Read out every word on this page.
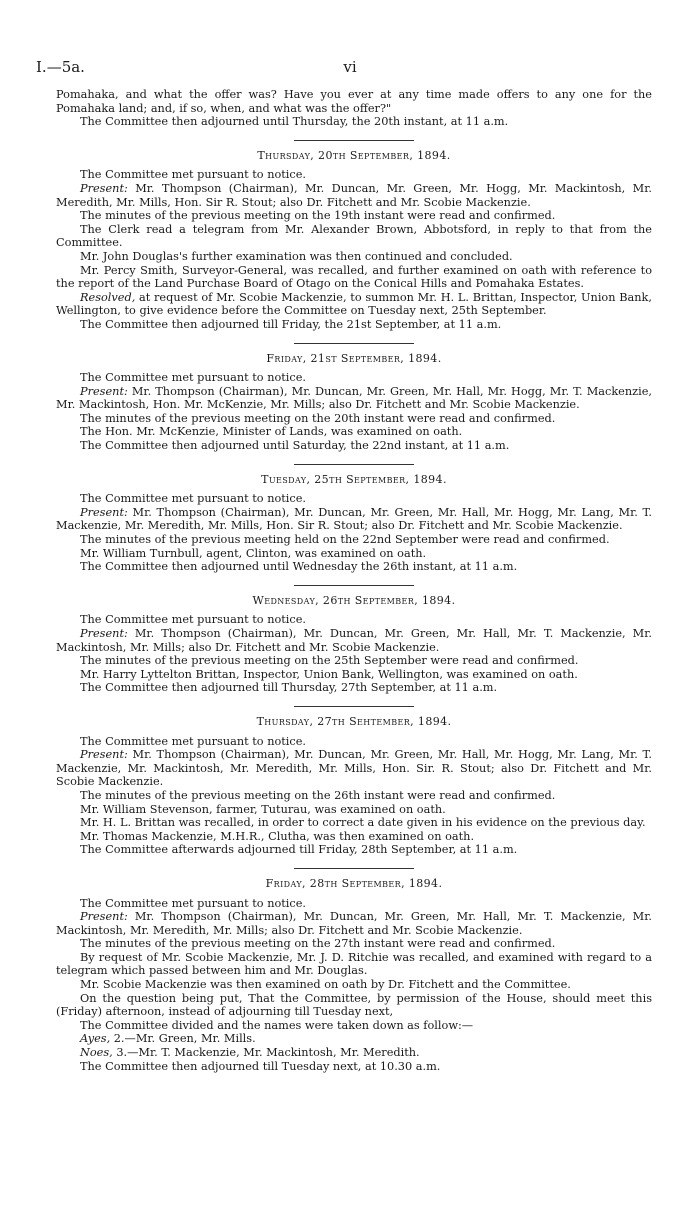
I.—5a.	vi

Pomahaka, and what the offer was? Have you ever at any time made offers to any one for the Pomahaka land; and, if so, when, and what was the offer?"

The Committee then adjourned until Thursday, the 20th instant, at 11 a.m.

Thursday, 20th September, 1894.

The Committee met pursuant to notice.

Present: Mr. Thompson (Chairman), Mr. Duncan, Mr. Green, Mr. Hogg, Mr. Mackintosh, Mr. Meredith, Mr. Mills, Hon. Sir R. Stout; also Dr. Fitchett and Mr. Scobie Mackenzie.

The minutes of the previous meeting on the 19th instant were read and confirmed.

The Clerk read a telegram from Mr. Alexander Brown, Abbotsford, in reply to that from the Committee.

Mr. John Douglas's further examination was then continued and concluded.

Mr. Percy Smith, Surveyor-General, was recalled, and further examined on oath with reference to the report of the Land Purchase Board of Otago on the Conical Hills and Pomahaka Estates.

Resolved, at request of Mr. Scobie Mackenzie, to summon Mr. H. L. Brittan, Inspector, Union Bank, Wellington, to give evidence before the Committee on Tuesday next, 25th September.

The Committee then adjourned till Friday, the 21st September, at 11 a.m.

Friday, 21st September, 1894.

The Committee met pursuant to notice.

Present: Mr. Thompson (Chairman), Mr. Duncan, Mr. Green, Mr. Hall, Mr. Hogg, Mr. T. Mackenzie, Mr. Mackintosh, Hon. Mr. McKenzie, Mr. Mills; also Dr. Fitchett and Mr. Scobie Mackenzie.

The minutes of the previous meeting on the 20th instant were read and confirmed.

The Hon. Mr. McKenzie, Minister of Lands, was examined on oath.

The Committee then adjourned until Saturday, the 22nd instant, at 11 a.m.

Tuesday, 25th September, 1894.

The Committee met pursuant to notice.

Present: Mr. Thompson (Chairman), Mr. Duncan, Mr. Green, Mr. Hall, Mr. Hogg, Mr. Lang, Mr. T. Mackenzie, Mr. Meredith, Mr. Mills, Hon. Sir R. Stout; also Dr. Fitchett and Mr. Scobie Mackenzie.

The minutes of the previous meeting held on the 22nd September were read and confirmed.

Mr. William Turnbull, agent, Clinton, was examined on oath.

The Committee then adjourned until Wednesday the 26th instant, at 11 a.m.

Wednesday, 26th September, 1894.

The Committee met pursuant to notice.

Present: Mr. Thompson (Chairman), Mr. Duncan, Mr. Green, Mr. Hall, Mr. T. Mackenzie, Mr. Mackintosh, Mr. Mills; also Dr. Fitchett and Mr. Scobie Mackenzie.

The minutes of the previous meeting on the 25th September were read and confirmed.

Mr. Harry Lyttelton Brittan, Inspector, Union Bank, Wellington, was examined on oath.

The Committee then adjourned till Thursday, 27th September, at 11 a.m.

Thursday, 27th Sehtember, 1894.

The Committee met pursuant to notice.

Present: Mr. Thompson (Chairman), Mr. Duncan, Mr. Green, Mr. Hall, Mr. Hogg, Mr. Lang, Mr. T. Mackenzie, Mr. Mackintosh, Mr. Meredith, Mr. Mills, Hon. Sir. R. Stout; also Dr. Fitchett and Mr. Scobie Mackenzie.

The minutes of the previous meeting on the 26th instant were read and confirmed.

Mr. William Stevenson, farmer, Tuturau, was examined on oath.

Mr. H. L. Brittan was recalled, in order to correct a date given in his evidence on the previous day.

Mr. Thomas Mackenzie, M.H.R., Clutha, was then examined on oath.

The Committee afterwards adjourned till Friday, 28th September, at 11 a.m.

Friday, 28th September, 1894.

The Committee met pursuant to notice.

Present: Mr. Thompson (Chairman), Mr. Duncan, Mr. Green, Mr. Hall, Mr. T. Mackenzie, Mr. Mackintosh, Mr. Meredith, Mr. Mills; also Dr. Fitchett and Mr. Scobie Mackenzie.

The minutes of the previous meeting on the 27th instant were read and confirmed.

By request of Mr. Scobie Mackenzie, Mr. J. D. Ritchie was recalled, and examined with regard to a telegram which passed between him and Mr. Douglas.

Mr. Scobie Mackenzie was then examined on oath by Dr. Fitchett and the Committee.

On the question being put, That the Committee, by permission of the House, should meet this (Friday) afternoon, instead of adjourning till Tuesday next,

The Committee divided and the names were taken down as follow:—

Ayes, 2.—Mr. Green, Mr. Mills.

Noes, 3.—Mr. T. Mackenzie, Mr. Mackintosh, Mr. Meredith.

The Committee then adjourned till Tuesday next, at 10.30 a.m.
